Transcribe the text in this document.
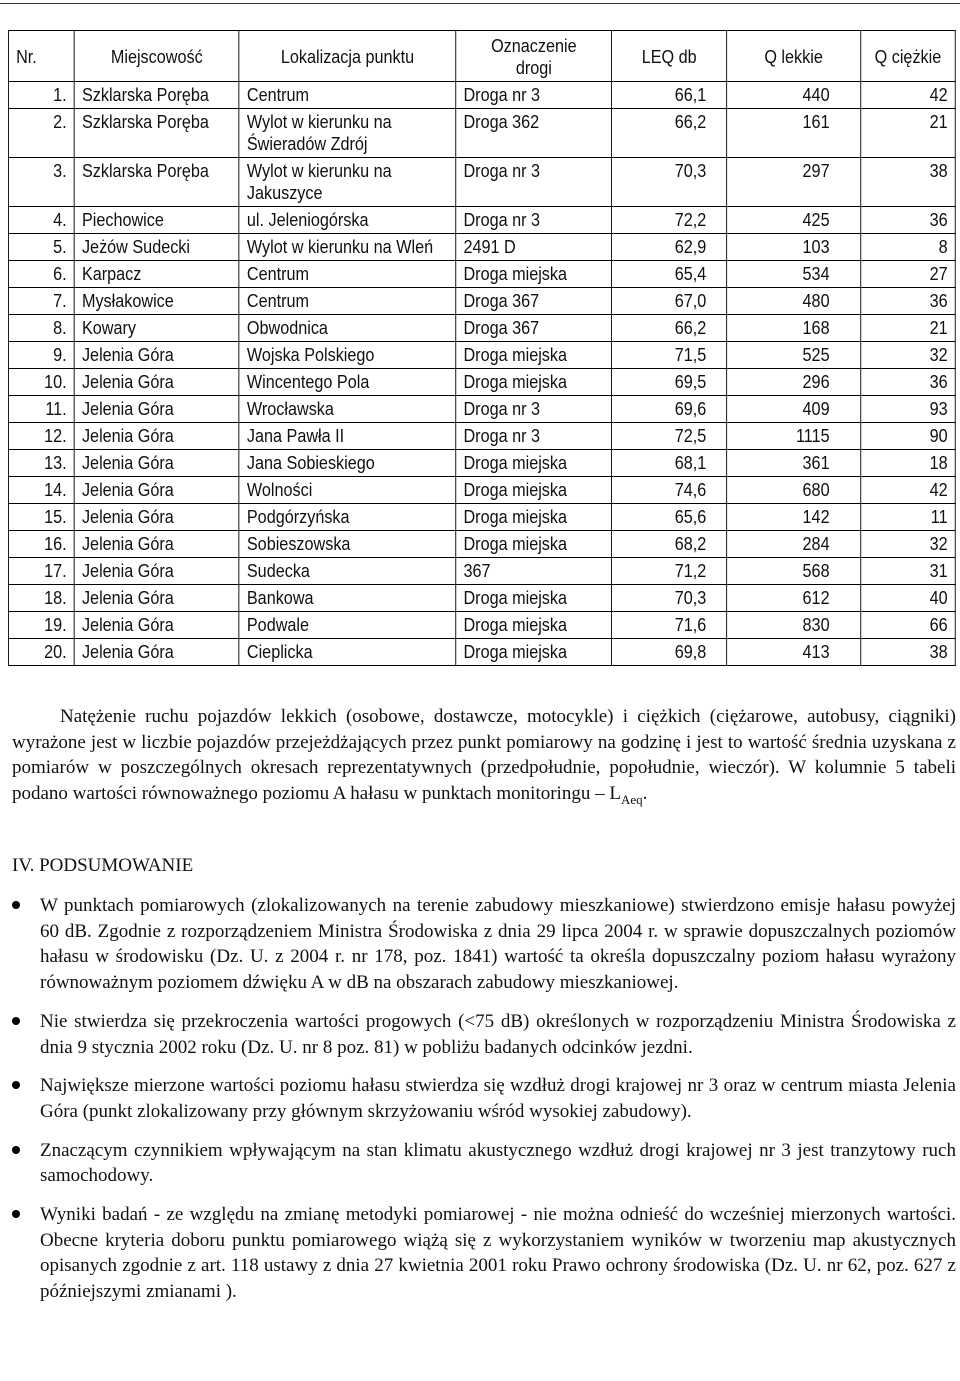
Nr.	Miejscowość	Lokalizacja punktu	Oznaczenie
drogi	LEQ db	Q lekkie	Q ciężkie
1.	Szklarska Poręba	Centrum	Droga nr 3	66,1	440	42
2.	Szklarska Poręba	Wylot w kierunku na
Świeradów Zdrój	Droga 362	66,2	161	21
3.	Szklarska Poręba	Wylot w kierunku na
Jakuszyce	Droga nr 3	70,3	297	38
4.	Piechowice	ul. Jeleniogórska	Droga nr 3	72,2	425	36
5.	Jeżów Sudecki	Wylot w kierunku na Wleń	2491 D	62,9	103	8
6.	Karpacz	Centrum	Droga miejska	65,4	534	27
7.	Mysłakowice	Centrum	Droga 367	67,0	480	36
8.	Kowary	Obwodnica	Droga 367	66,2	168	21
9.	Jelenia Góra	Wojska Polskiego	Droga miejska	71,5	525	32
10.	Jelenia Góra	Wincentego Pola	Droga miejska	69,5	296	36
11.	Jelenia Góra	Wrocławska	Droga nr 3	69,6	409	93
12.	Jelenia Góra	Jana Pawła II	Droga nr 3	72,5	1115	90
13.	Jelenia Góra	Jana Sobieskiego	Droga miejska	68,1	361	18
14.	Jelenia Góra	Wolności	Droga miejska	74,6	680	42
15.	Jelenia Góra	Podgórzyńska	Droga miejska	65,6	142	11
16.	Jelenia Góra	Sobieszowska	Droga miejska	68,2	284	32
17.	Jelenia Góra	Sudecka	367	71,2	568	31
18.	Jelenia Góra	Bankowa	Droga miejska	70,3	612	40
19.	Jelenia Góra	Podwale	Droga miejska	71,6	830	66
20.	Jelenia Góra	Cieplicka	Droga miejska	69,8	413	38
Natężenie ruchu pojazdów lekkich (osobowe, dostawcze, motocykle) i ciężkich (ciężarowe, autobusy, ciągniki) wyrażone jest w liczbie pojazdów przejeżdżających przez punkt pomiarowy na godzinę i jest to wartość średnia uzyskana z pomiarów w poszczególnych okresach reprezentatywnych (przedpołudnie, popołudnie, wieczór). W kolumnie 5 tabeli podano wartości równoważnego poziomu A hałasu w punktach monitoringu – $L_{Aeq}$.
IV. PODSUMOWANIE
W punktach pomiarowych (zlokalizowanych na terenie zabudowy mieszkaniowe) stwierdzono emisje hałasu powyżej 60 dB. Zgodnie z rozporządzeniem Ministra Środowiska z dnia 29 lipca 2004 r. w sprawie dopuszczalnych poziomów hałasu w środowisku (Dz. U. z 2004 r. nr 178, poz. 1841) wartość ta określa dopuszczalny poziom hałasu wyrażony równoważnym poziomem dźwięku A w dB na obszarach zabudowy mieszkaniowej.
Nie stwierdza się przekroczenia wartości progowych (<75 dB) określonych w rozporządzeniu Ministra Środowiska z dnia 9 stycznia 2002 roku (Dz. U. nr 8 poz. 81) w pobliżu badanych odcinków jezdni.
Największe mierzone wartości poziomu hałasu stwierdza się wzdłuż drogi krajowej nr 3 oraz w centrum miasta Jelenia Góra (punkt zlokalizowany przy głównym skrzyżowaniu wśród wysokiej zabudowy).
Znaczącym czynnikiem wpływającym na stan klimatu akustycznego wzdłuż drogi krajowej nr 3 jest tranzytowy ruch samochodowy.
Wyniki badań - ze względu na zmianę metodyki pomiarowej - nie można odnieść do wcześniej mierzonych wartości. Obecne kryteria doboru punktu pomiarowego wiążą się z wykorzystaniem wyników w tworzeniu map akustycznych opisanych zgodnie z art. 118 ustawy z dnia 27 kwietnia 2001 roku Prawo ochrony środowiska (Dz. U. nr 62, poz. 627 z późniejszymi zmianami ).
